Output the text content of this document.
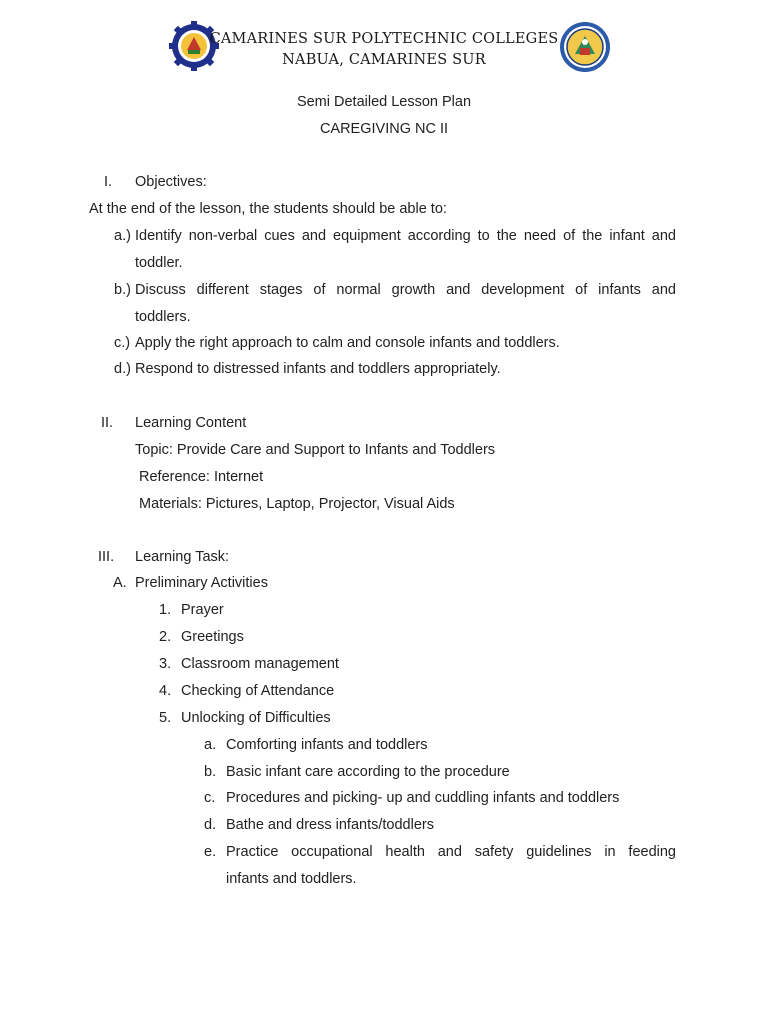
CAMARINES SUR POLYTECHNIC COLLEGES
NABUA, CAMARINES SUR
Semi Detailed Lesson Plan
CAREGIVING NC II
I. Objectives:
At the end of the lesson, the students should be able to:
a.) Identify non-verbal cues and equipment according to the need of the infant and
toddler.
b.) Discuss different stages of normal growth and development of infants and
toddlers.
c.) Apply the right approach to calm and console infants and toddlers.
d.) Respond to distressed infants and toddlers appropriately.
II. Learning Content
Topic: Provide Care and Support to Infants and Toddlers
Reference: Internet
Materials: Pictures, Laptop, Projector, Visual Aids
III. Learning Task:
A. Preliminary Activities
1. Prayer
2. Greetings
3. Classroom management
4. Checking of Attendance
5. Unlocking of Difficulties
a. Comforting infants and toddlers
b. Basic infant care according to the procedure
c. Procedures and picking- up and cuddling infants and toddlers
d. Bathe and dress infants/toddlers
e. Practice occupational health and safety guidelines in feeding
infants and toddlers.
